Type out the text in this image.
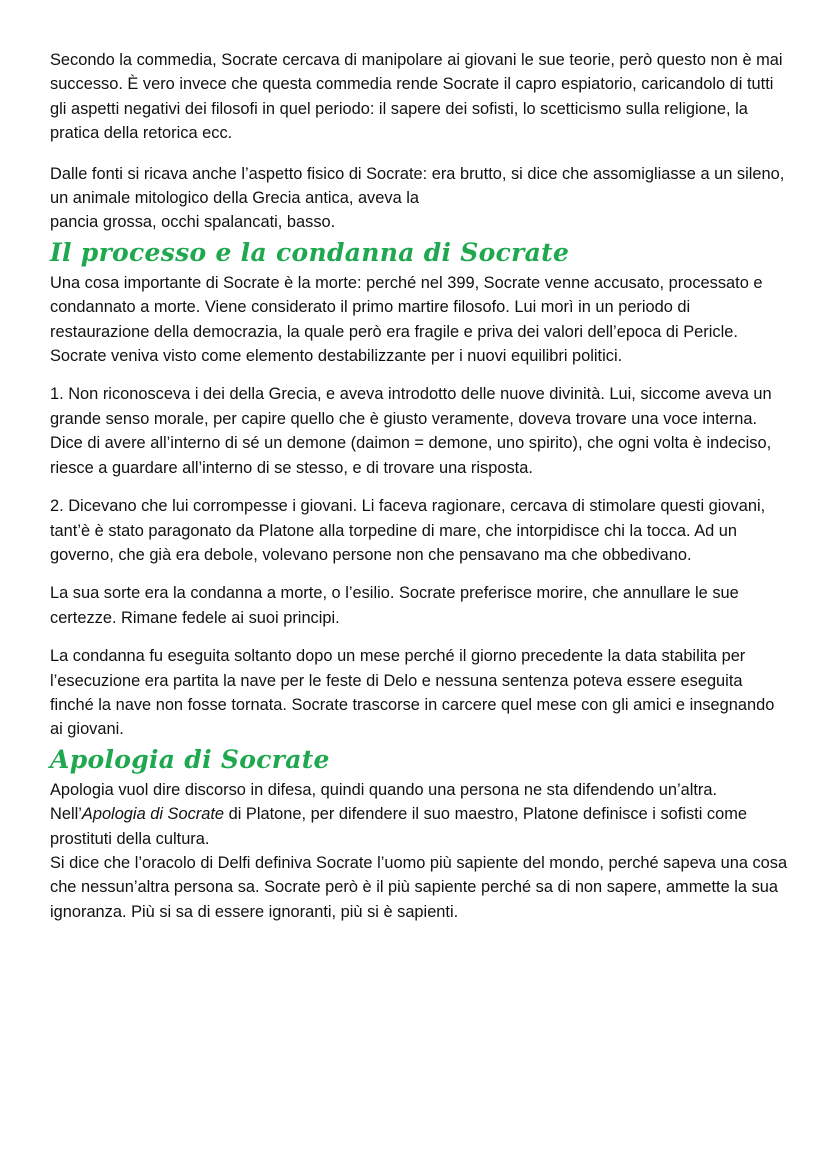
Secondo la commedia, Socrate cercava di manipolare ai giovani le sue teorie, però questo non è mai successo. È vero invece che questa commedia rende Socrate il capro espiatorio, caricandolo di tutti gli aspetti negativi dei filosofi in quel periodo: il sapere dei sofisti, lo scetticismo sulla religione, la pratica della retorica ecc.

Dalle fonti si ricava anche l’aspetto fisico di Socrate: era brutto, si dice che assomigliasse a un sileno, un animale mitologico della Grecia antica, aveva la
pancia grossa, occhi spalancati, basso.

Il processo e la condanna di Socrate

Una cosa importante di Socrate è la morte: perché nel 399, Socrate venne accusato, processato e condannato a morte. Viene considerato il primo martire filosofo. Lui morì in un periodo di restaurazione della democrazia, la quale però era fragile e priva dei valori dell’epoca di Pericle. Socrate veniva visto come elemento destabilizzante per i nuovi equilibri politici.

1. Non riconosceva i dei della Grecia, e aveva introdotto delle nuove divinità. Lui, siccome aveva un grande senso morale, per capire quello che è giusto veramente, doveva trovare una voce interna. Dice di avere all’interno di sé un demone (daimon = demone, uno spirito), che ogni volta è indeciso, riesce a guardare all’interno di se stesso, e di trovare una risposta.

2. Dicevano che lui corrompesse i giovani. Li faceva ragionare, cercava di stimolare questi giovani, tant’è è stato paragonato da Platone alla torpedine di mare, che intorpidisce chi la tocca. Ad un governo, che già era debole, volevano persone non che pensavano ma che obbedivano.

La sua sorte era la condanna a morte, o l’esilio. Socrate preferisce morire, che annullare le sue certezze. Rimane fedele ai suoi principi.

La condanna fu eseguita soltanto dopo un mese perché il giorno precedente la data stabilita per l’esecuzione era partita la nave per le feste di Delo e nessuna sentenza poteva essere eseguita finché la nave non fosse tornata. Socrate trascorse in carcere quel mese con gli amici e insegnando ai giovani.

Apologia di Socrate

Apologia vuol dire discorso in difesa, quindi quando una persona ne sta difendendo un’altra.
Nell’Apologia di Socrate di Platone, per difendere il suo maestro, Platone definisce i sofisti come prostituti della cultura.
Si dice che l’oracolo di Delfi definiva Socrate l’uomo più sapiente del mondo, perché sapeva una cosa che nessun’altra persona sa. Socrate però è il più sapiente perché sa di non sapere, ammette la sua ignoranza. Più si sa di essere ignoranti, più si è sapienti.
